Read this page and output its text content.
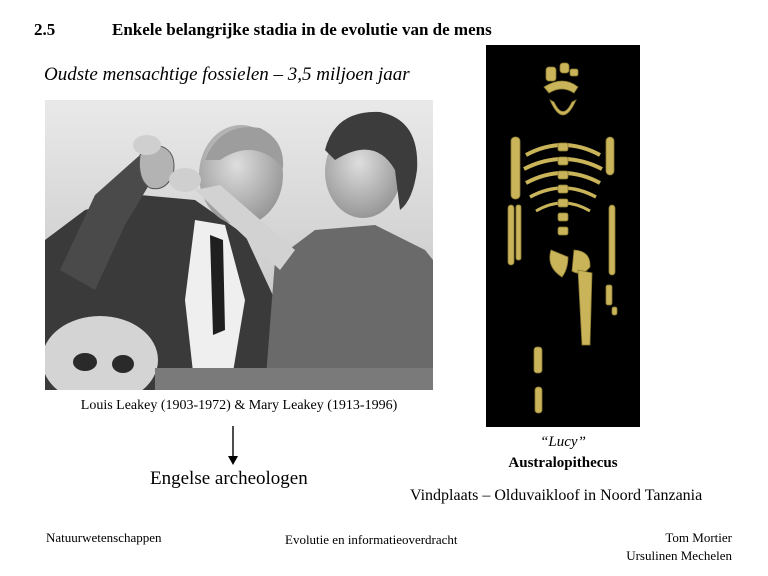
2.5	Enkele belangrijke stadia in de evolutie van de mens
Oudste mensachtige fossielen – 3,5 miljoen jaar
Louis Leakey (1903-1972) & Mary Leakey (1913-1996)
Engelse archeologen
“Lucy”
Australopithecus
Vindplaats – Olduvaikloof in Noord Tanzania
Natuurwetenschappen	Evolutie en informatieoverdracht	Tom Mortier
Ursulinen Mechelen
